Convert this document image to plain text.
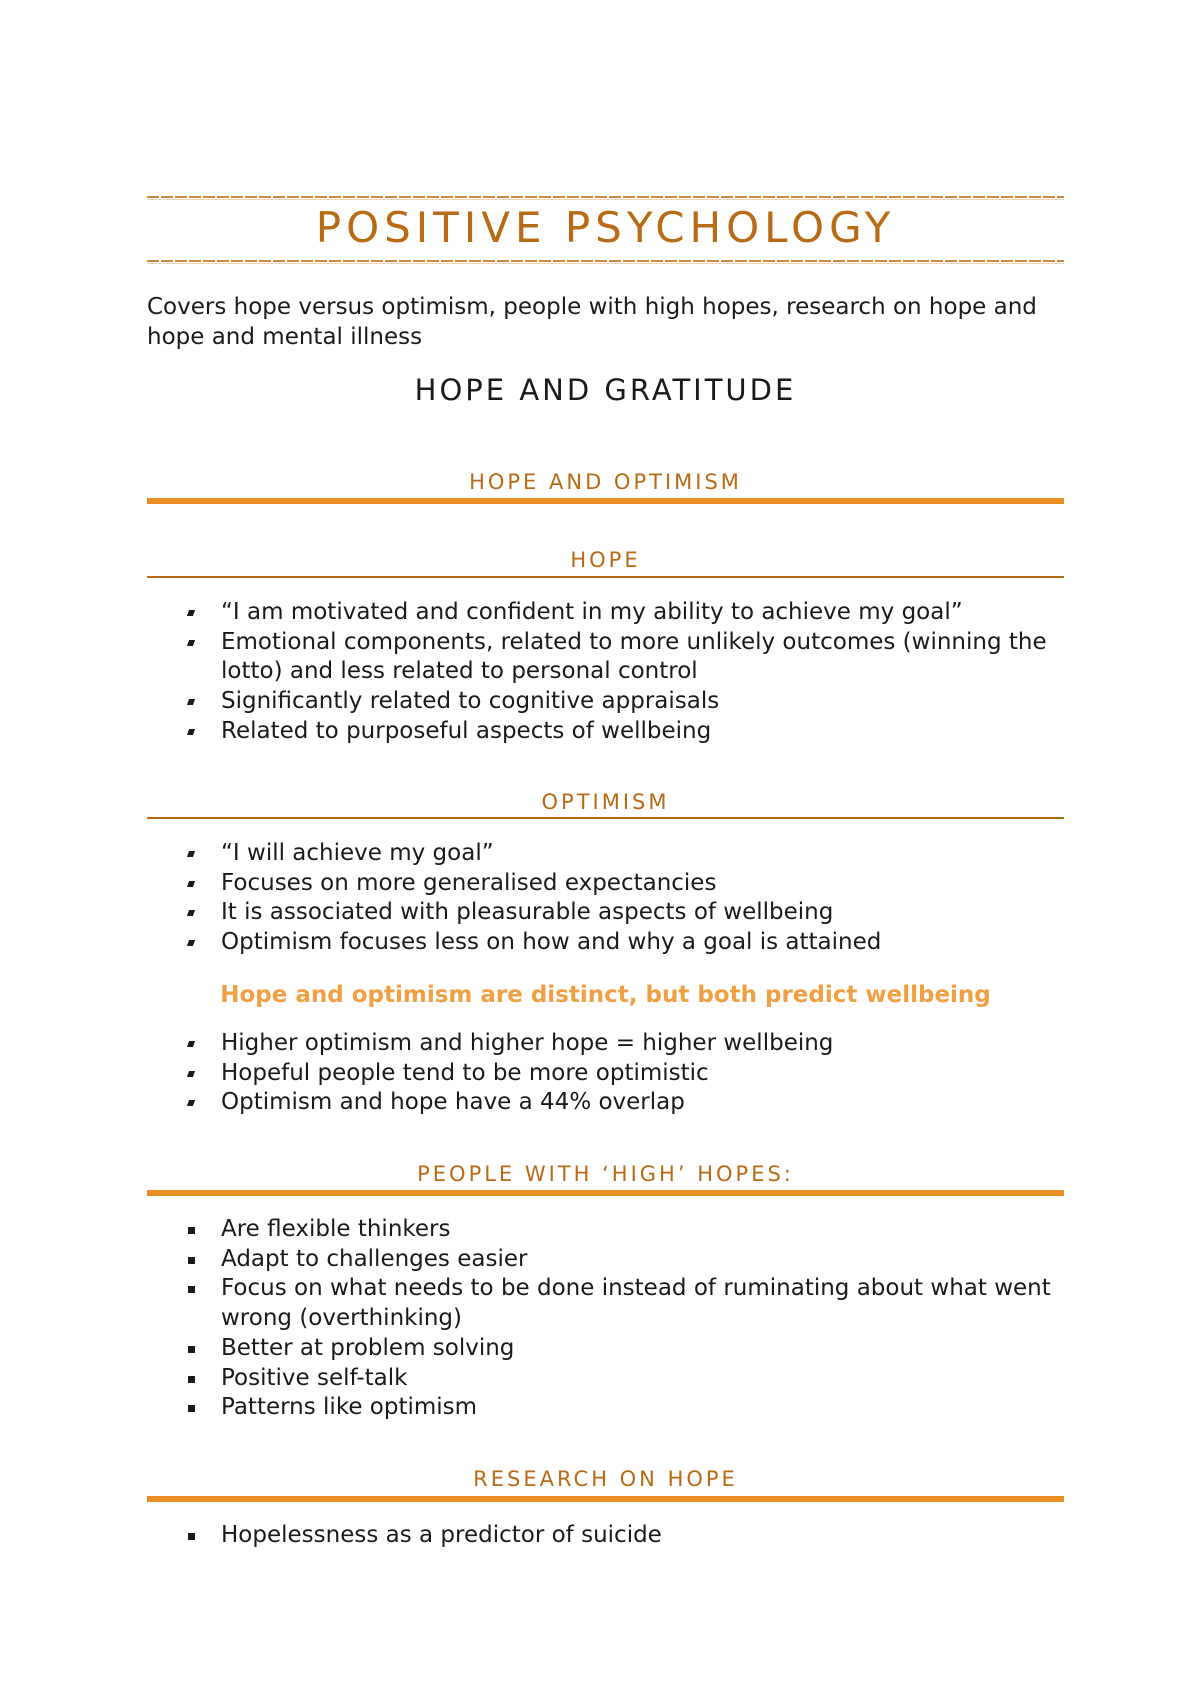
POSITIVE PSYCHOLOGY
Covers hope versus optimism, people with high hopes, research on hope and hope and mental illness
HOPE AND GRATITUDE
HOPE AND OPTIMISM
HOPE
“I am motivated and confident in my ability to achieve my goal”
Emotional components, related to more unlikely outcomes (winning the lotto) and less related to personal control
Significantly related to cognitive appraisals
Related to purposeful aspects of wellbeing
OPTIMISM
“I will achieve my goal”
Focuses on more generalised expectancies
It is associated with pleasurable aspects of wellbeing
Optimism focuses less on how and why a goal is attained
Hope and optimism are distinct, but both predict wellbeing
Higher optimism and higher hope = higher wellbeing
Hopeful people tend to be more optimistic
Optimism and hope have a 44% overlap
PEOPLE WITH ‘HIGH’ HOPES:
Are flexible thinkers
Adapt to challenges easier
Focus on what needs to be done instead of ruminating about what went wrong (overthinking)
Better at problem solving
Positive self-talk
Patterns like optimism
RESEARCH ON HOPE
Hopelessness as a predictor of suicide
